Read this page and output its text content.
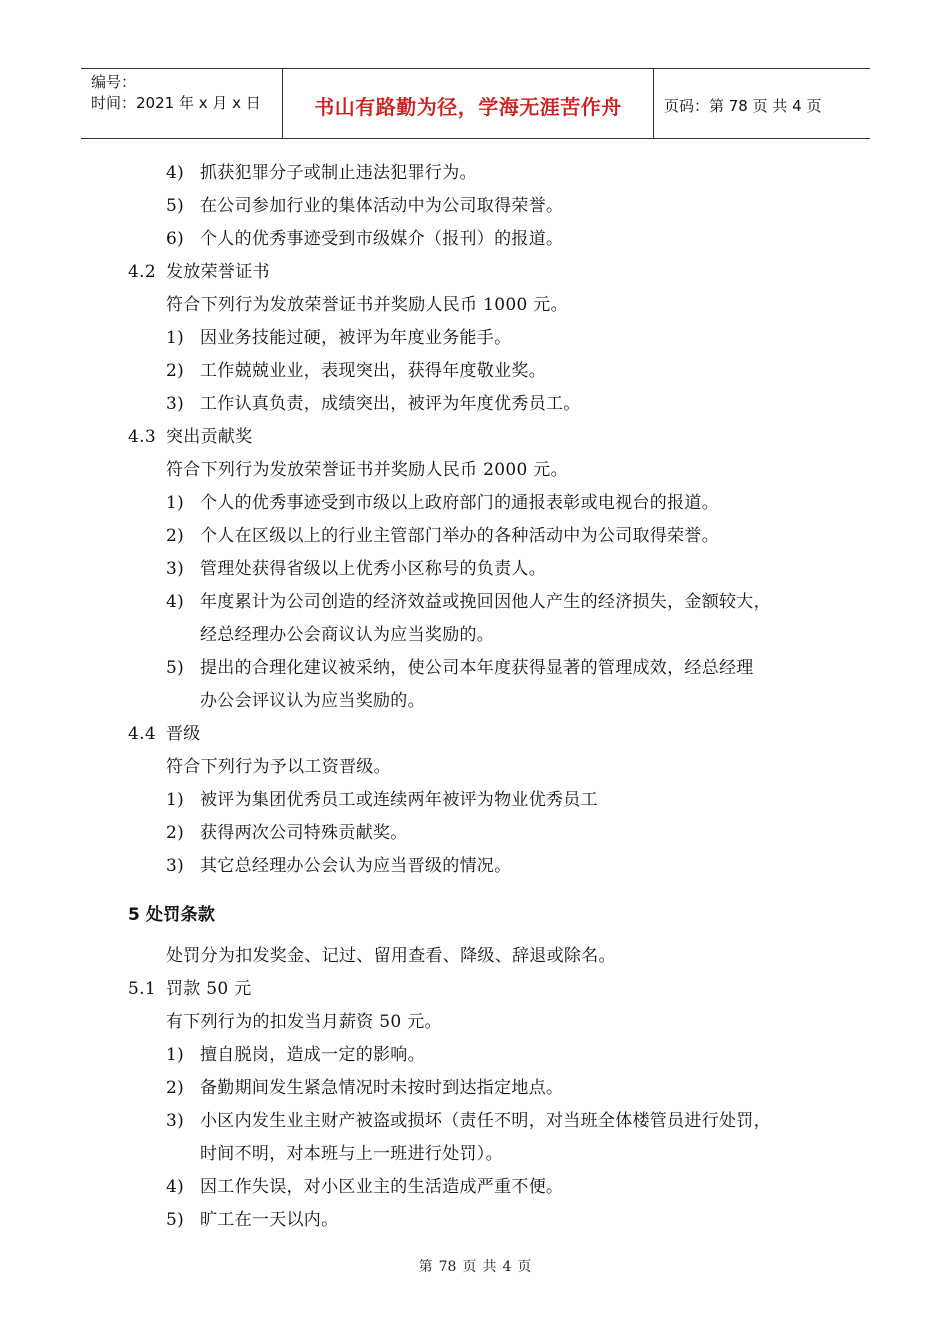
编号：
时间：2021 年 x 月 x 日	书山有路勤为径，学海无涯苦作舟	页码：第 78 页 共 4 页
4) 抓获犯罪分子或制止违法犯罪行为。
5) 在公司参加行业的集体活动中为公司取得荣誉。
6) 个人的优秀事迹受到市级媒介（报刊）的报道。
4.2 发放荣誉证书
符合下列行为发放荣誉证书并奖励人民币 1000 元。
1) 因业务技能过硬，被评为年度业务能手。
2) 工作兢兢业业，表现突出，获得年度敬业奖。
3) 工作认真负责，成绩突出，被评为年度优秀员工。
4.3 突出贡献奖
符合下列行为发放荣誉证书并奖励人民币 2000 元。
1) 个人的优秀事迹受到市级以上政府部门的通报表彰或电视台的报道。
2) 个人在区级以上的行业主管部门举办的各种活动中为公司取得荣誉。
3) 管理处获得省级以上优秀小区称号的负责人。
4) 年度累计为公司创造的经济效益或挽回因他人产生的经济损失，金额较大，
经总经理办公会商议认为应当奖励的。
5) 提出的合理化建议被采纳，使公司本年度获得显著的管理成效，经总经理
办公会评议认为应当奖励的。
4.4 晋级
符合下列行为予以工资晋级。
1) 被评为集团优秀员工或连续两年被评为物业优秀员工
2) 获得两次公司特殊贡献奖。
3) 其它总经理办公会认为应当晋级的情况。
5 处罚条款
处罚分为扣发奖金、记过、留用查看、降级、辞退或除名。
5.1 罚款 50 元
有下列行为的扣发当月薪资 50 元。
1) 擅自脱岗，造成一定的影响。
2) 备勤期间发生紧急情况时未按时到达指定地点。
3) 小区内发生业主财产被盗或损坏（责任不明，对当班全体楼管员进行处罚，
时间不明，对本班与上一班进行处罚）。
4) 因工作失误，对小区业主的生活造成严重不便。
5) 旷工在一天以内。
第 78 页 共 4 页
